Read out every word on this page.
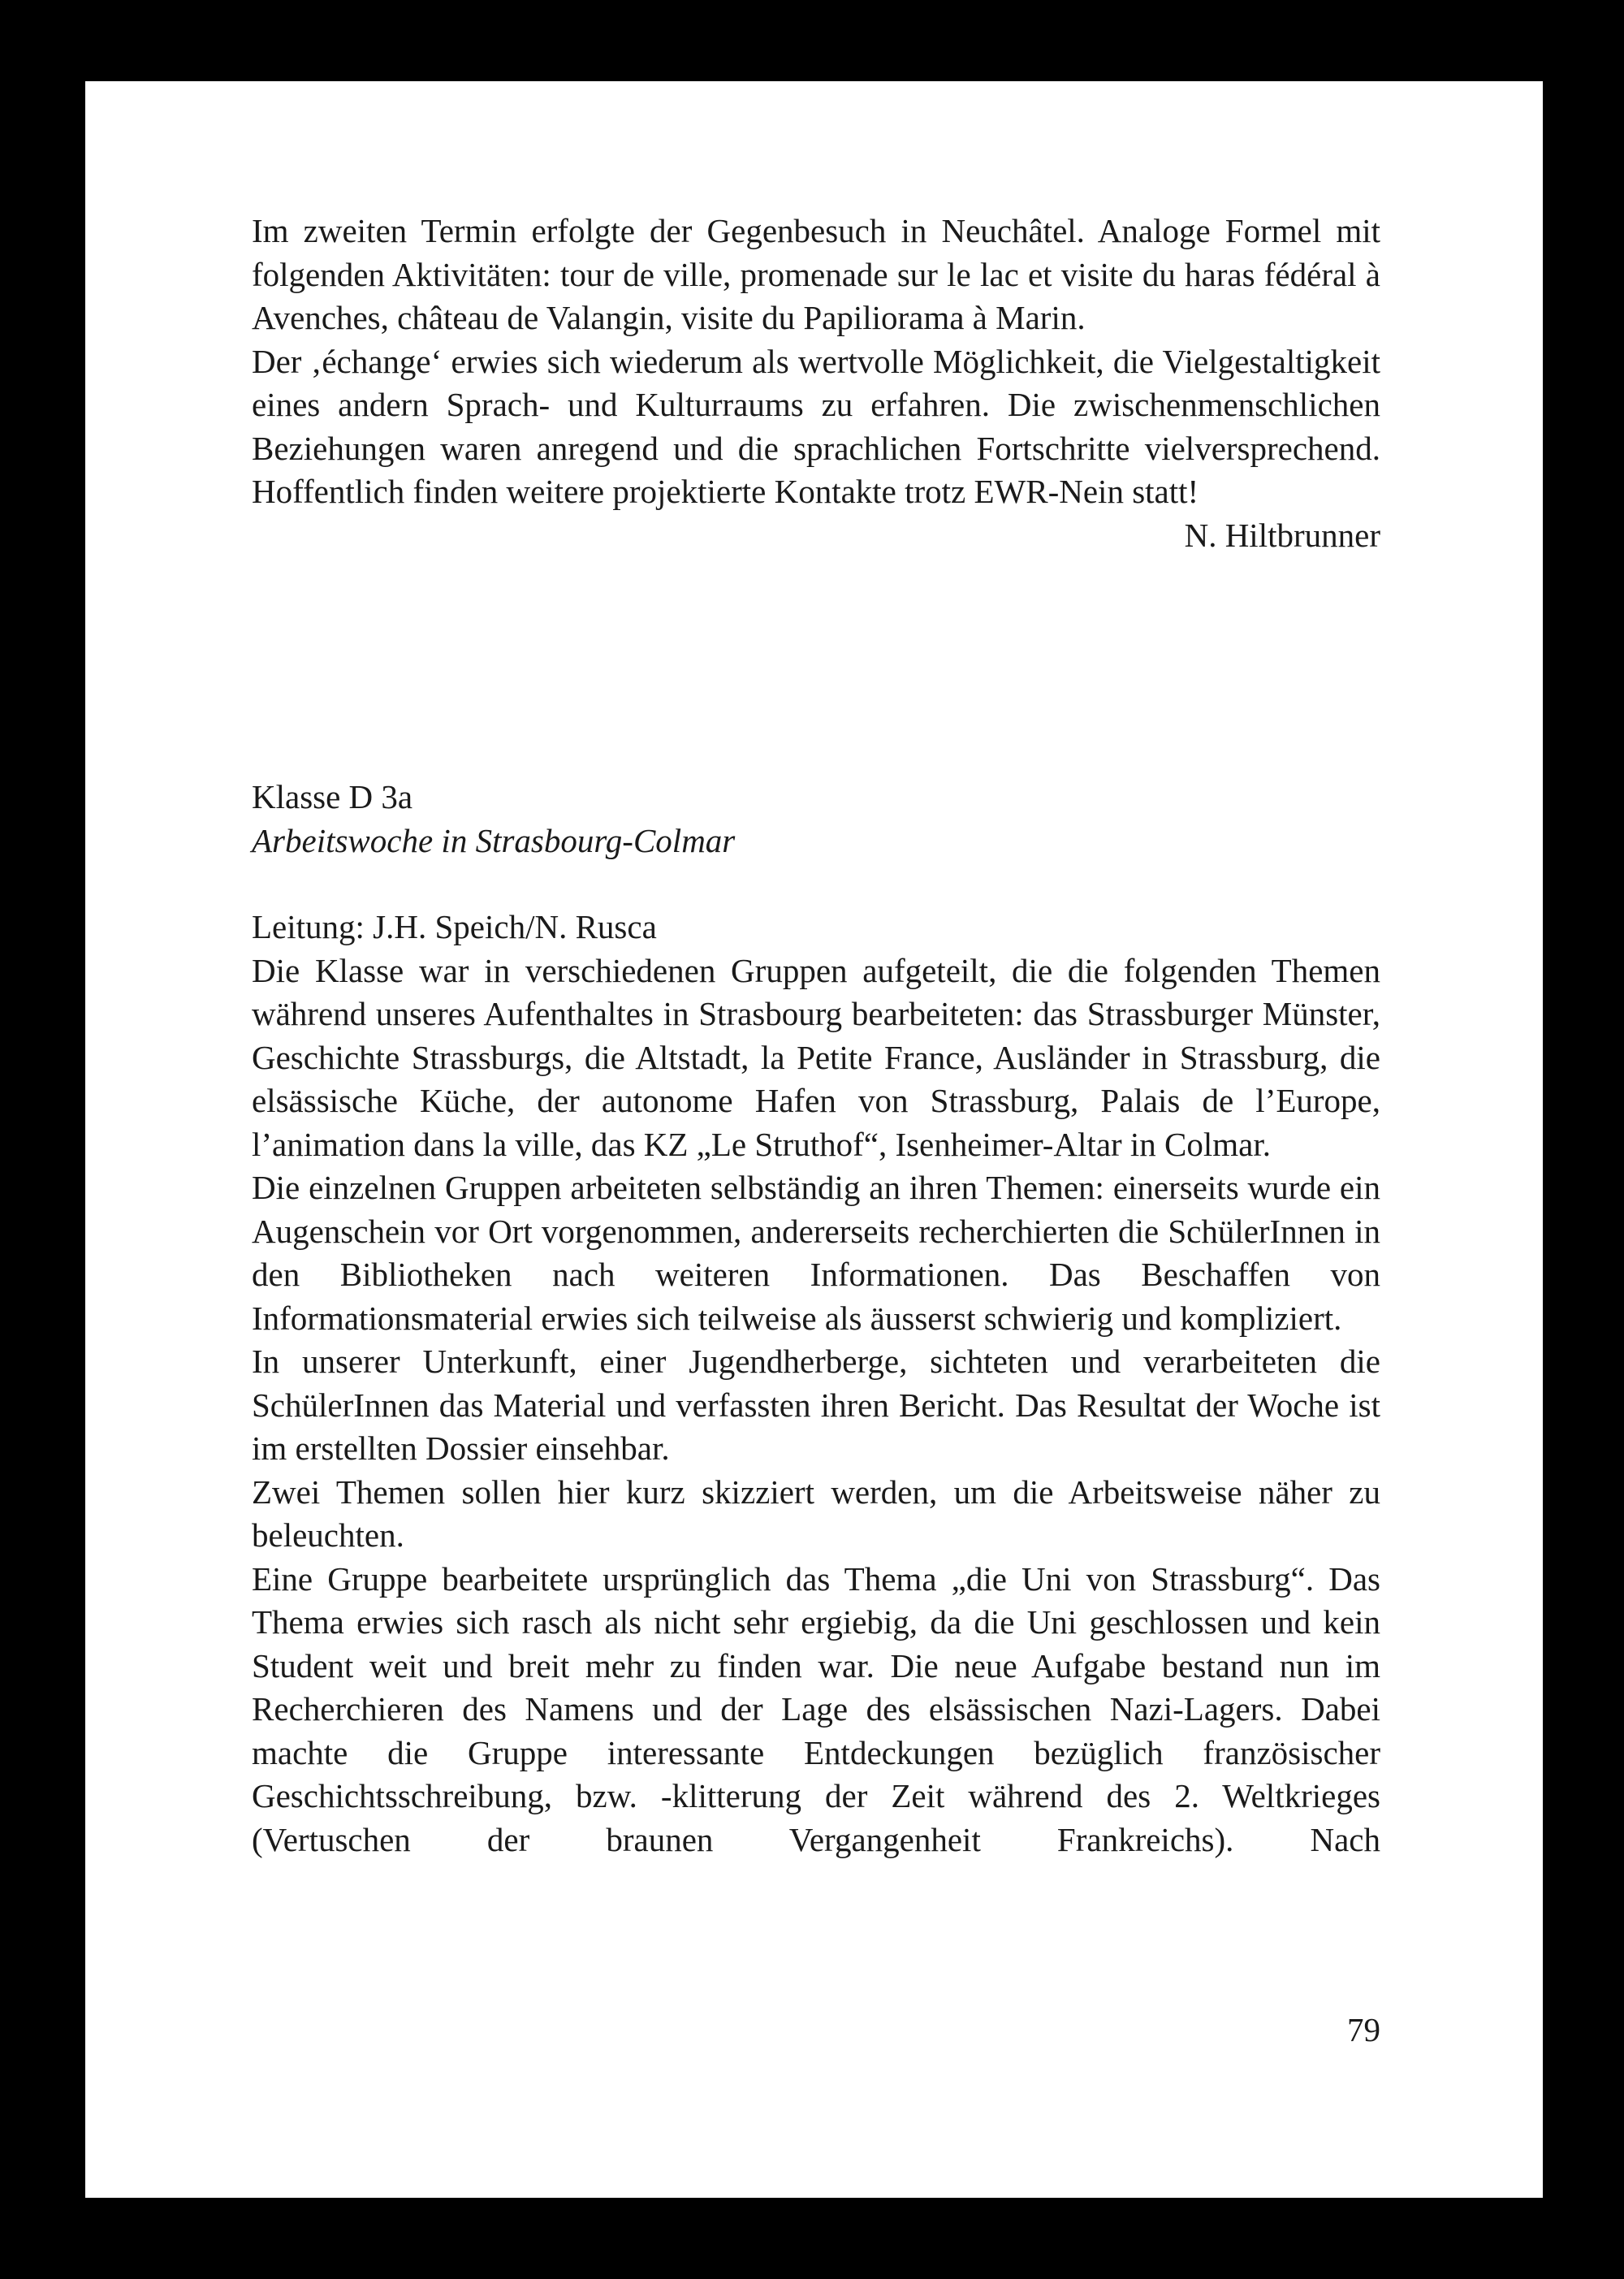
Im zweiten Termin erfolgte der Gegenbesuch in Neuchâtel. Analoge Formel mit folgenden Aktivitäten: tour de ville, promenade sur le lac et visite du haras fédéral à Avenches, château de Valangin, visite du Papiliorama à Marin.

Der ‚échange‘ erwies sich wiederum als wertvolle Möglichkeit, die Vielgestaltigkeit eines andern Sprach- und Kulturraums zu erfahren. Die zwischenmenschlichen Beziehungen waren anregend und die sprachlichen Fortschritte vielversprechend. Hoffentlich finden weitere projektierte Kontakte trotz EWR-Nein statt!

N. Hiltbrunner

Klasse D 3a

Arbeitswoche in Strasbourg-Colmar

Leitung: J.H. Speich/N. Rusca

Die Klasse war in verschiedenen Gruppen aufgeteilt, die die folgenden Themen während unseres Aufenthaltes in Strasbourg bearbeiteten: das Strassburger Münster, Geschichte Strassburgs, die Altstadt, la Petite France, Ausländer in Strassburg, die elsässische Küche, der autonome Hafen von Strassburg, Palais de l’Europe, l’animation dans la ville, das KZ „Le Struthof“, Isenheimer-Altar in Colmar.

Die einzelnen Gruppen arbeiteten selbständig an ihren Themen: einerseits wurde ein Augenschein vor Ort vorgenommen, andererseits recherchierten die SchülerInnen in den Bibliotheken nach weiteren Informationen. Das Beschaffen von Informationsmaterial erwies sich teilweise als äusserst schwierig und kompliziert.

In unserer Unterkunft, einer Jugendherberge, sichteten und verarbeiteten die SchülerInnen das Material und verfassten ihren Bericht. Das Resultat der Woche ist im erstellten Dossier einsehbar.

Zwei Themen sollen hier kurz skizziert werden, um die Arbeitsweise näher zu beleuchten.

Eine Gruppe bearbeitete ursprünglich das Thema „die Uni von Strassburg“. Das Thema erwies sich rasch als nicht sehr ergiebig, da die Uni geschlossen und kein Student weit und breit mehr zu finden war. Die neue Aufgabe bestand nun im Recherchieren des Namens und der Lage des elsässischen Nazi-Lagers. Dabei machte die Gruppe interessante Entdeckungen bezüglich französischer Geschichtsschreibung, bzw. -klitterung der Zeit während des 2. Weltkrieges (Vertuschen der braunen Vergangenheit Frankreichs). Nach

79
